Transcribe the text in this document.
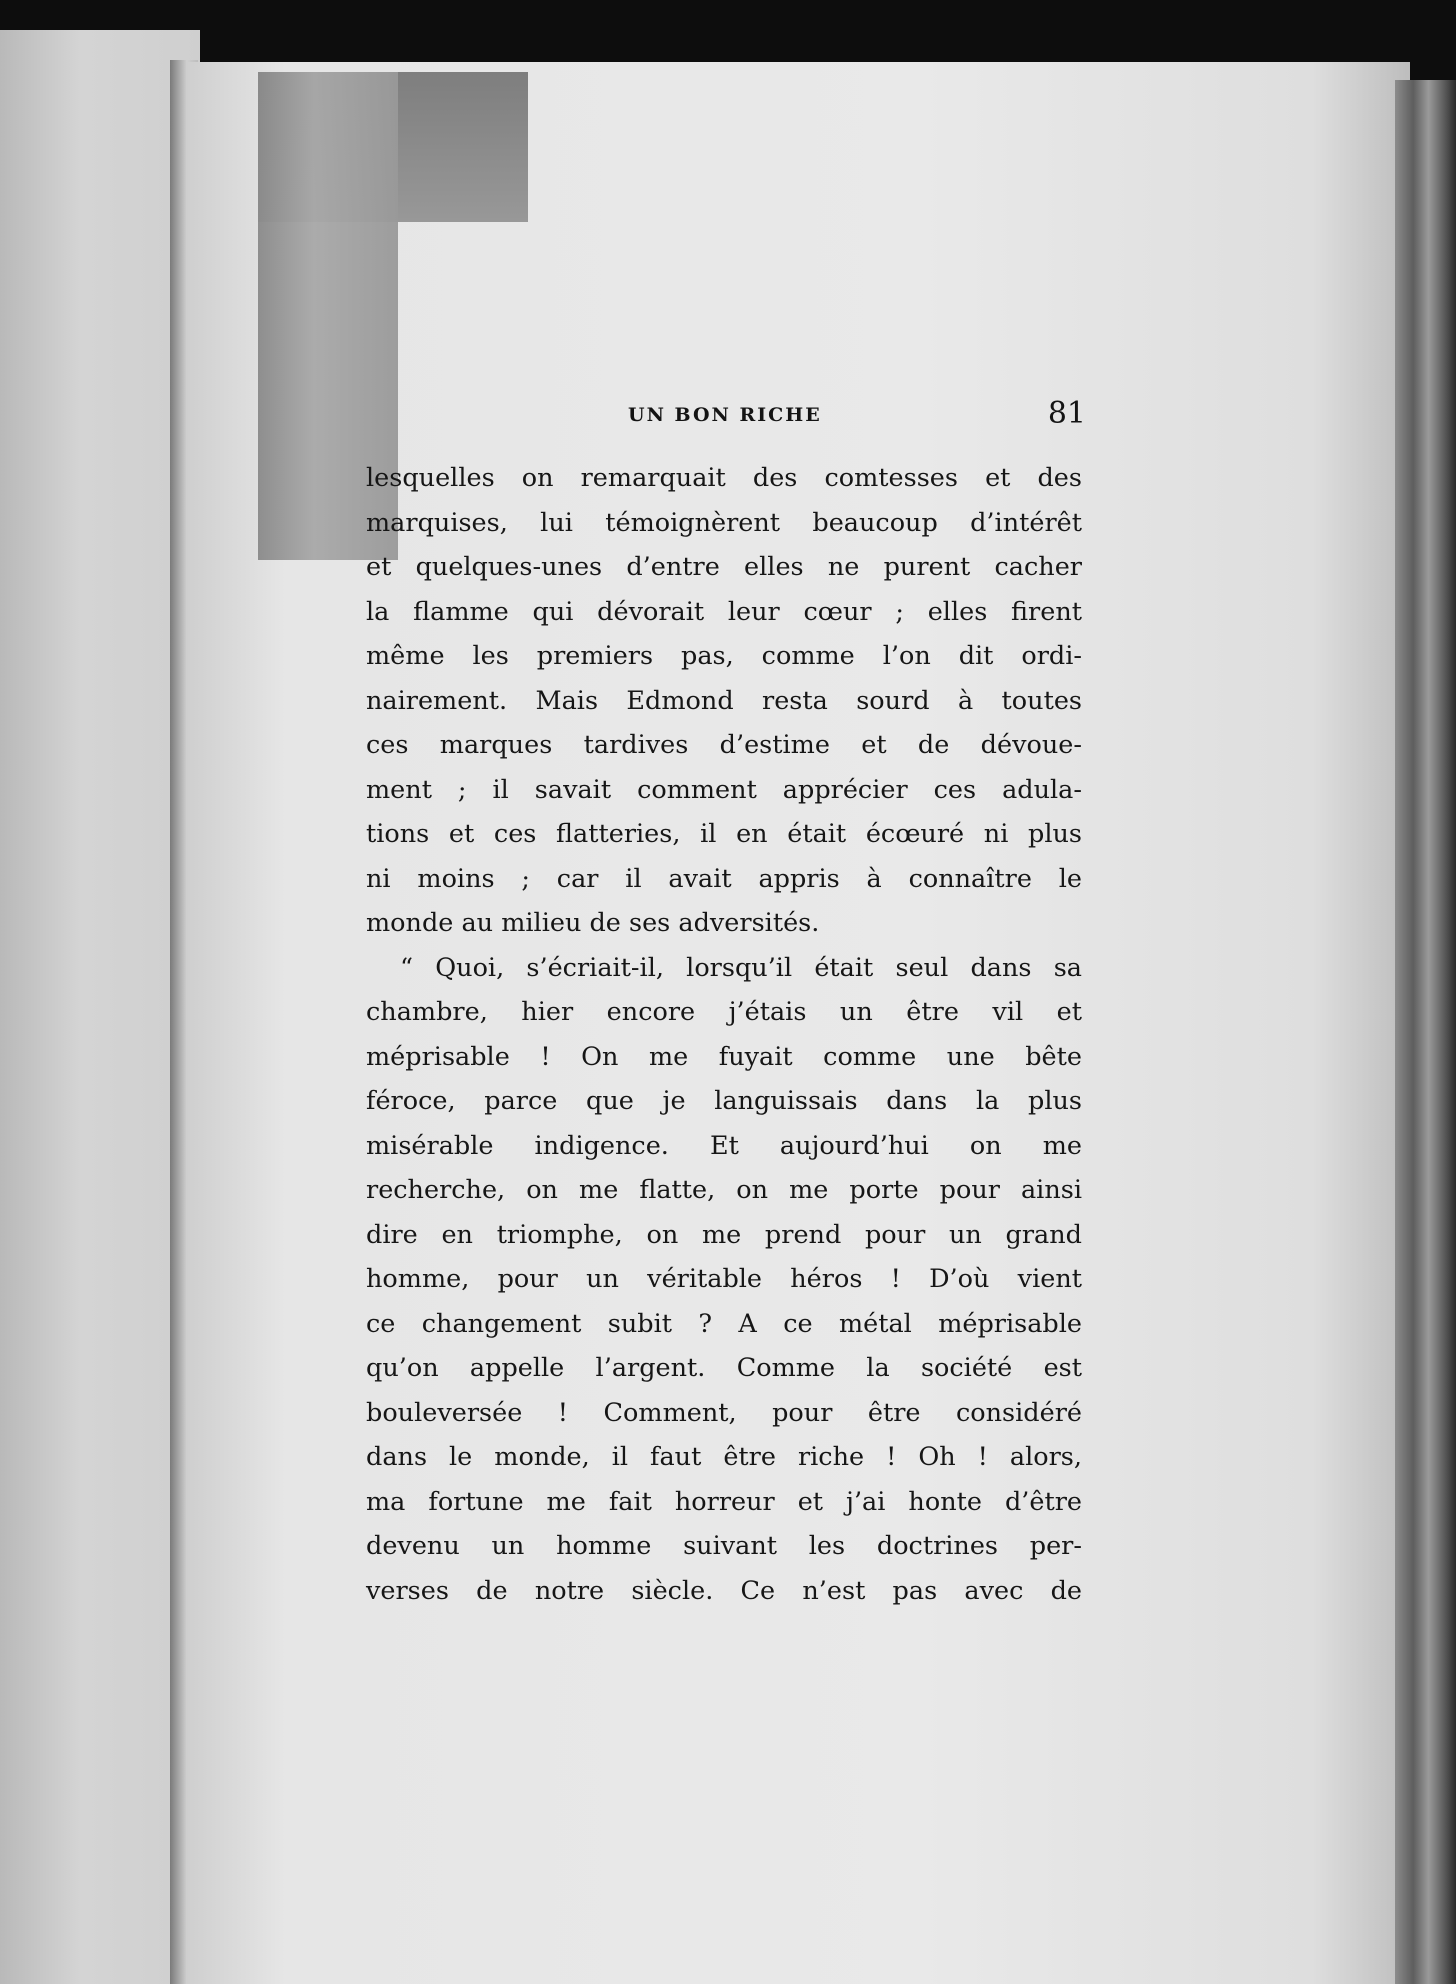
UN BON RICHE	81
lesquelles on remarquait des comtesses et des
marquises, lui témoignèrent beaucoup d’intérêt
et quelques-unes d’entre elles ne purent cacher
la flamme qui dévorait leur cœur ; elles firent
même les premiers pas, comme l’on dit ordi-
nairement. Mais Edmond resta sourd à toutes
ces marques tardives d’estime et de dévoue-
ment ; il savait comment apprécier ces adula-
tions et ces flatteries, il en était écœuré ni plus
ni moins ; car il avait appris à connaître le
monde au milieu de ses adversités.
“ Quoi, s’écriait-il, lorsqu’il était seul dans sa
chambre, hier encore j’étais un être vil et
méprisable ! On me fuyait comme une bête
féroce, parce que je languissais dans la plus
misérable indigence. Et aujourd’hui on me
recherche, on me flatte, on me porte pour ainsi
dire en triomphe, on me prend pour un grand
homme, pour un véritable héros ! D’où vient
ce changement subit ? A ce métal méprisable
qu’on appelle l’argent. Comme la société est
bouleversée ! Comment, pour être considéré
dans le monde, il faut être riche ! Oh ! alors,
ma fortune me fait horreur et j’ai honte d’être
devenu un homme suivant les doctrines per-
verses de notre siècle. Ce n’est pas avec de
